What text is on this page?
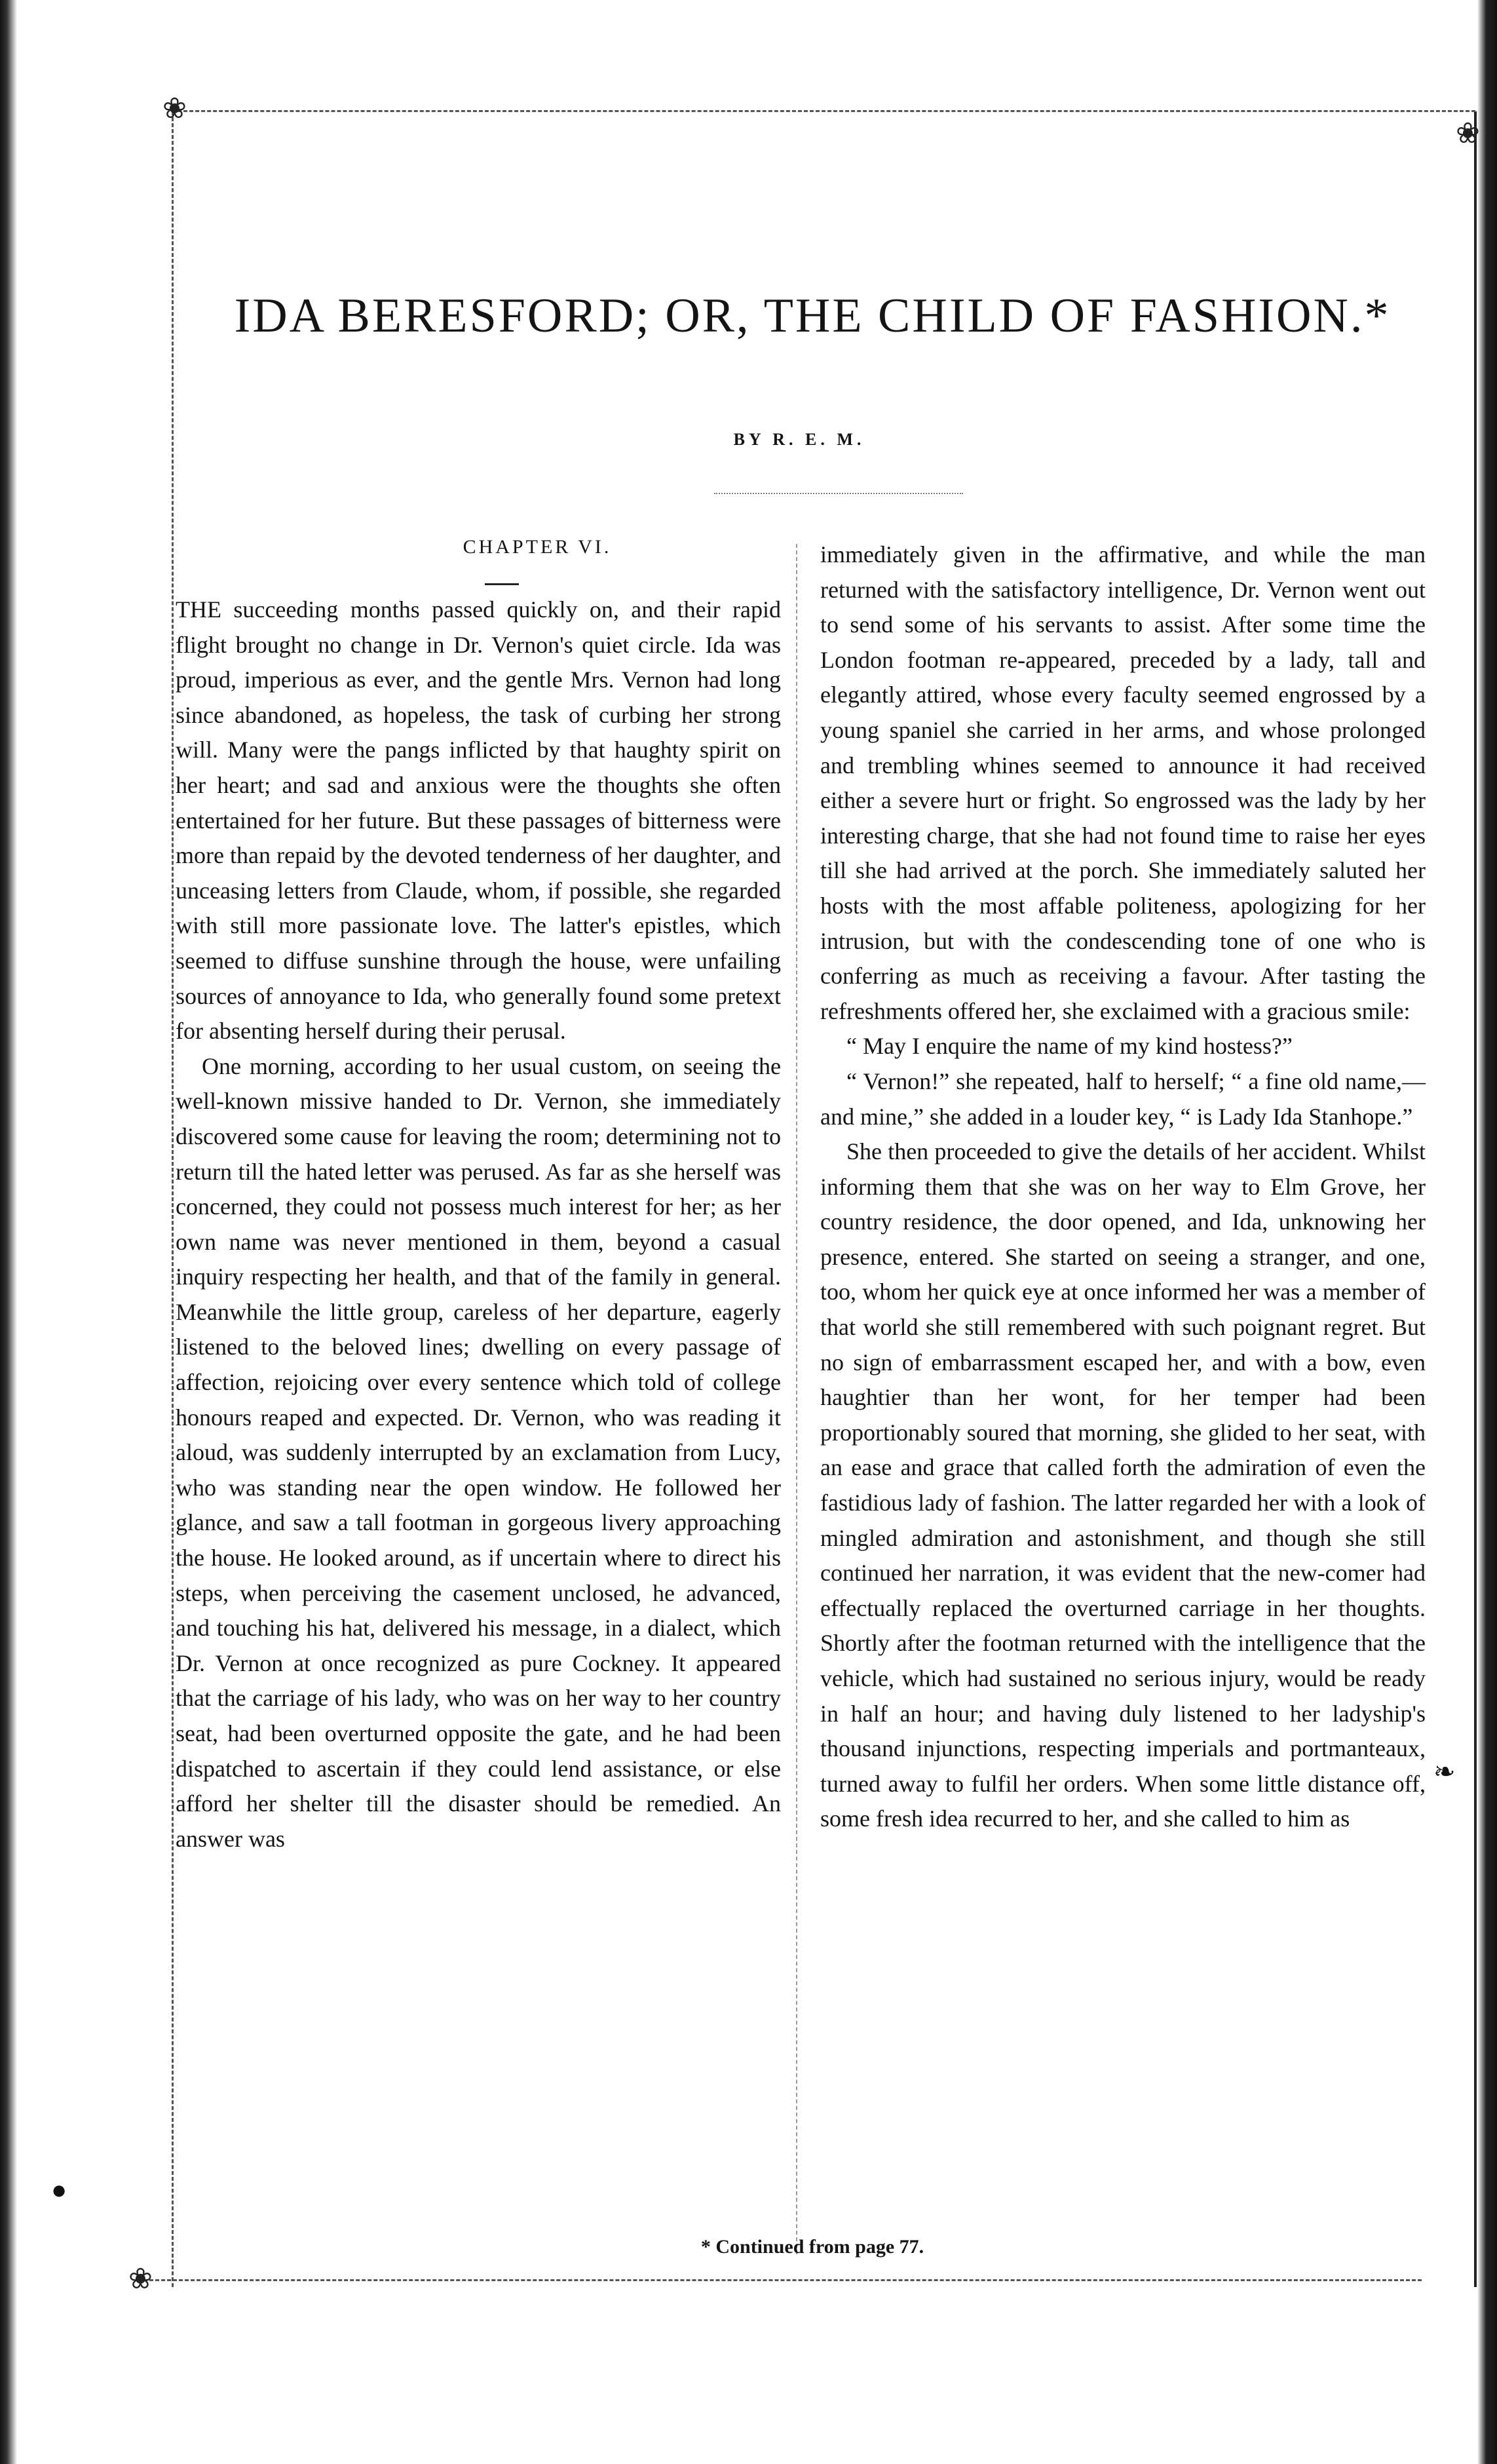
❀
❀
❀
●
❧
IDA BERESFORD; OR, THE CHILD OF FASHION.*
BY R. E. M.
CHAPTER VI.

THE succeeding months passed quickly on, and their rapid flight brought no change in Dr. Vernon's quiet circle. Ida was proud, imperious as ever, and the gentle Mrs. Vernon had long since abandoned, as hopeless, the task of curbing her strong will. Many were the pangs inflicted by that haughty spirit on her heart; and sad and anxious were the thoughts she often entertained for her future. But these passages of bitterness were more than repaid by the devoted tenderness of her daughter, and unceasing letters from Claude, whom, if possible, she regarded with still more passionate love. The latter's epistles, which seemed to diffuse sunshine through the house, were unfailing sources of annoyance to Ida, who generally found some pretext for absenting herself during their perusal.

One morning, according to her usual custom, on seeing the well-known missive handed to Dr. Vernon, she immediately discovered some cause for leaving the room; determining not to return till the hated letter was perused. As far as she herself was concerned, they could not possess much interest for her; as her own name was never mentioned in them, beyond a casual inquiry respecting her health, and that of the family in general. Meanwhile the little group, careless of her departure, eagerly listened to the beloved lines; dwelling on every passage of affection, rejoicing over every sentence which told of college honours reaped and expected. Dr. Vernon, who was reading it aloud, was suddenly interrupted by an exclamation from Lucy, who was standing near the open window. He followed her glance, and saw a tall footman in gorgeous livery approaching the house. He looked around, as if uncertain where to direct his steps, when perceiving the casement unclosed, he advanced, and touching his hat, delivered his message, in a dialect, which Dr. Vernon at once recognized as pure Cockney. It appeared that the carriage of his lady, who was on her way to her country seat, had been overturned opposite the gate, and he had been dispatched to ascertain if they could lend assistance, or else afford her shelter till the disaster should be remedied. An answer was

immediately given in the affirmative, and while the man returned with the satisfactory intelligence, Dr. Vernon went out to send some of his servants to assist. After some time the London footman re-appeared, preceded by a lady, tall and elegantly attired, whose every faculty seemed engrossed by a young spaniel she carried in her arms, and whose prolonged and trembling whines seemed to announce it had received either a severe hurt or fright. So engrossed was the lady by her interesting charge, that she had not found time to raise her eyes till she had arrived at the porch. She immediately saluted her hosts with the most affable politeness, apologizing for her intrusion, but with the condescending tone of one who is conferring as much as receiving a favour. After tasting the refreshments offered her, she exclaimed with a gracious smile:

“ May I enquire the name of my kind hostess?”

“ Vernon!” she repeated, half to herself; “ a fine old name,—and mine,” she added in a louder key, “ is Lady Ida Stanhope.”

She then proceeded to give the details of her accident. Whilst informing them that she was on her way to Elm Grove, her country residence, the door opened, and Ida, unknowing her presence, entered. She started on seeing a stranger, and one, too, whom her quick eye at once informed her was a member of that world she still remembered with such poignant regret. But no sign of embarrassment escaped her, and with a bow, even haughtier than her wont, for her temper had been proportionably soured that morning, she glided to her seat, with an ease and grace that called forth the admiration of even the fastidious lady of fashion. The latter regarded her with a look of mingled admiration and astonishment, and though she still continued her narration, it was evident that the new-comer had effectually replaced the overturned carriage in her thoughts. Shortly after the footman returned with the intelligence that the vehicle, which had sustained no serious injury, would be ready in half an hour; and having duly listened to her ladyship's thousand injunctions, respecting imperials and portmanteaux, turned away to fulfil her orders. When some little distance off, some fresh idea recurred to her, and she called to him as

* Continued from page 77.
